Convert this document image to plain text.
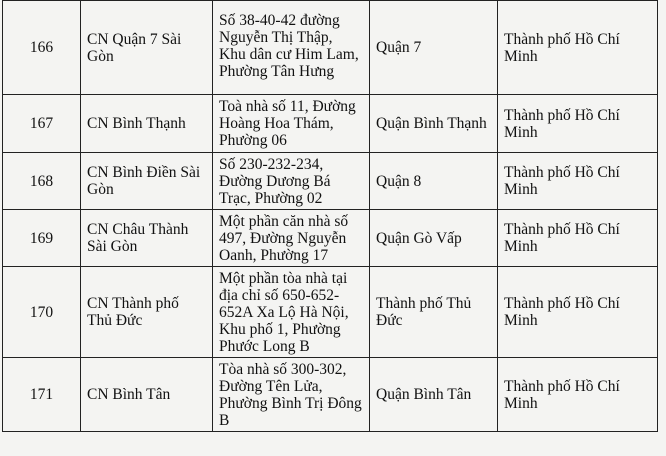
166	CN Quận 7 Sài Gòn	Số 38-40-42 đường Nguyễn Thị Thập, Khu dân cư Him Lam, Phường Tân Hưng	Quận 7	Thành phố Hồ Chí Minh
167	CN Bình Thạnh	Toà nhà số 11, Đường Hoàng Hoa Thám, Phường 06	Quận Bình Thạnh	Thành phố Hồ Chí Minh
168	CN Bình Điền Sài Gòn	Số 230-232-234, Đường Dương Bá Trạc, Phường 02	Quận 8	Thành phố Hồ Chí Minh
169	CN Châu Thành Sài Gòn	Một phần căn nhà số 497, Đường Nguyễn Oanh, Phường 17	Quận Gò Vấp	Thành phố Hồ Chí Minh
170	CN Thành phố Thủ Đức	Một phần tòa nhà tại địa chỉ số 650-652-652A Xa Lộ Hà Nội, Khu phố 1, Phường Phước Long B	Thành phố Thủ Đức	Thành phố Hồ Chí Minh
171	CN Bình Tân	Tòa nhà số 300-302, Đường Tên Lửa, Phường Bình Trị Đông B	Quận Bình Tân	Thành phố Hồ Chí Minh
